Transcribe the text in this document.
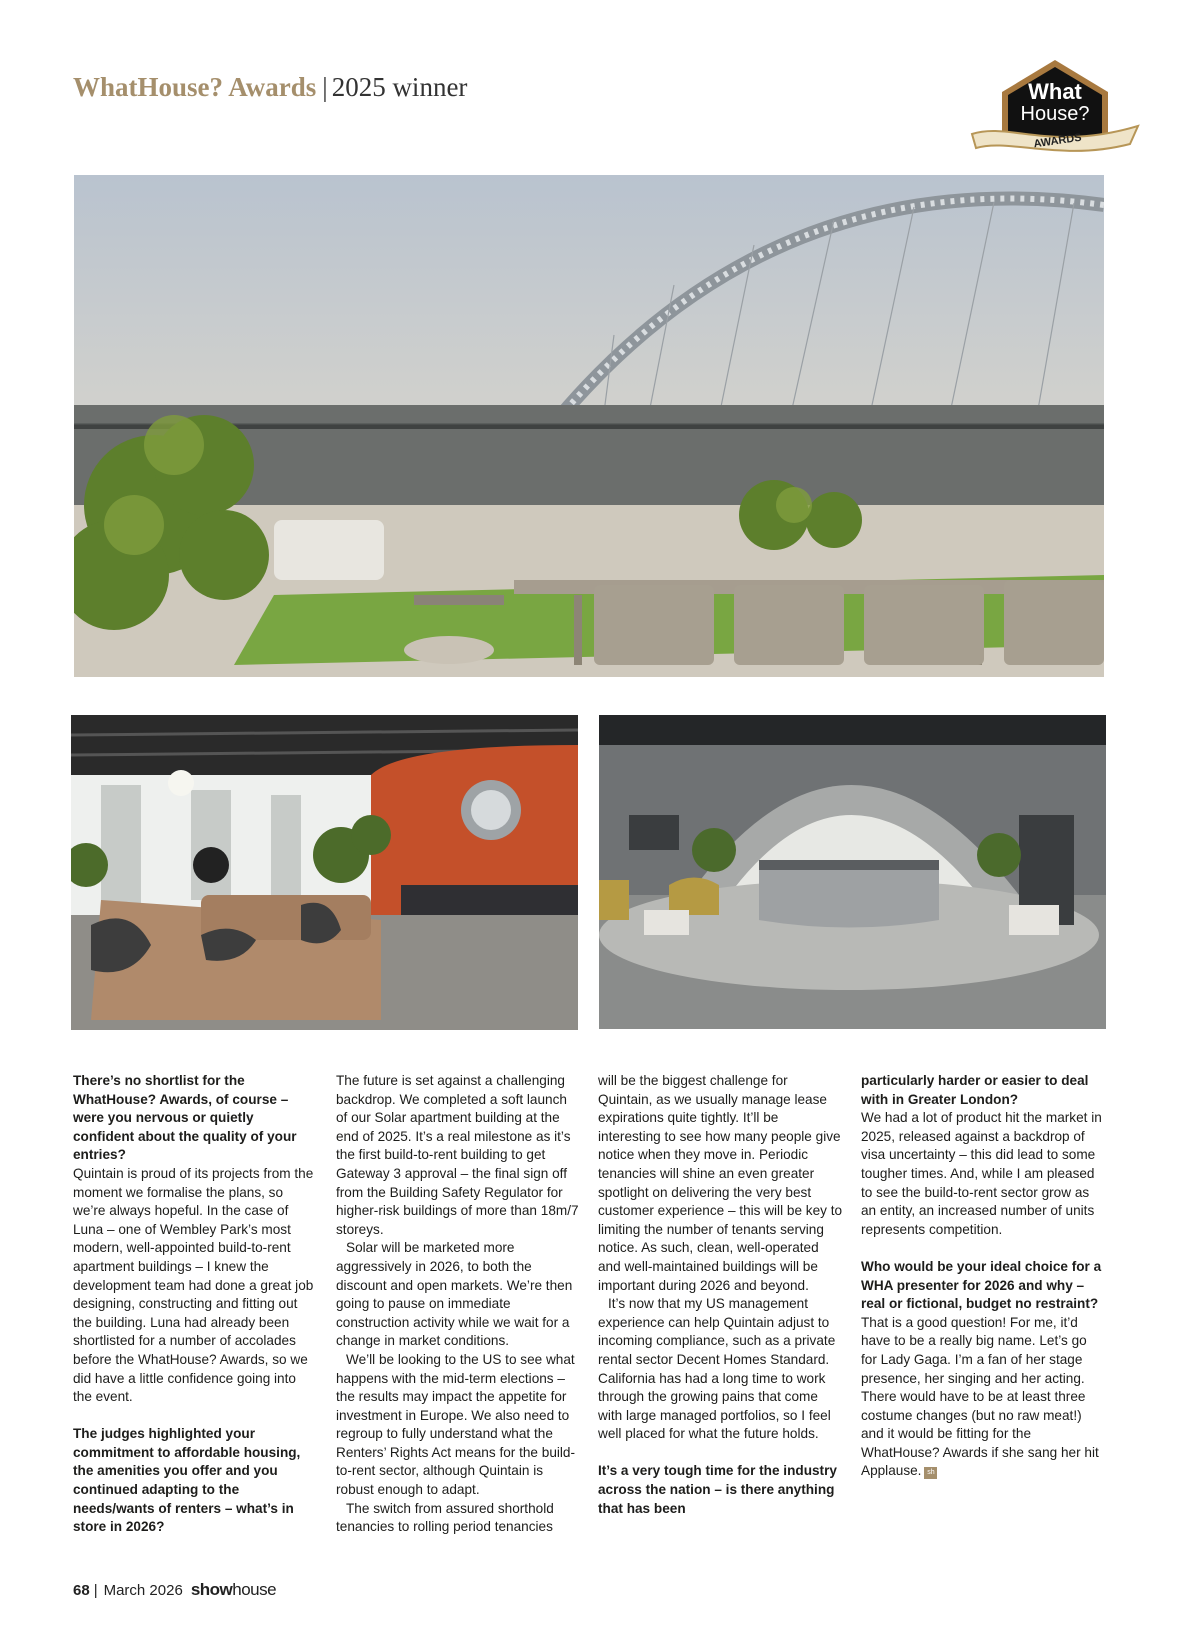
WhatHouse? Awards | 2025 winner	What
House?
AWARDS

There’s no shortlist for the WhatHouse? Awards, of course – were you nervous or quietly confident about the quality of your entries?

Quintain is proud of its projects from the moment we formalise the plans, so we’re always hopeful. In the case of Luna – one of Wembley Park’s most modern, well-appointed build-to-rent apartment buildings – I knew the development team had done a great job designing, constructing and fitting out the building. Luna had already been shortlisted for a number of accolades before the WhatHouse? Awards, so we did have a little confidence going into the event.

The judges highlighted your commitment to affordable housing, the amenities you offer and you continued adapting to the needs/wants of renters – what’s in store in 2026?

The future is set against a challenging backdrop. We completed a soft launch of our Solar apartment building at the end of 2025. It’s a real milestone as it’s the first build-to-rent building to get Gateway 3 approval – the final sign off from the Building Safety Regulator for higher-risk buildings of more than 18m/7 storeys.

Solar will be marketed more aggressively in 2026, to both the discount and open markets. We’re then going to pause on immediate construction activity while we wait for a change in market conditions.

We’ll be looking to the US to see what happens with the mid-term elections – the results may impact the appetite for investment in Europe. We also need to regroup to fully understand what the Renters’ Rights Act means for the build-to-rent sector, although Quintain is robust enough to adapt.

The switch from assured shorthold tenancies to rolling period tenancies

will be the biggest challenge for Quintain, as we usually manage lease expirations quite tightly. It’ll be interesting to see how many people give notice when they move in. Periodic tenancies will shine an even greater spotlight on delivering the very best customer experience – this will be key to limiting the number of tenants serving notice. As such, clean, well-operated and well-maintained buildings will be important during 2026 and beyond.

It’s now that my US management experience can help Quintain adjust to incoming compliance, such as a private rental sector Decent Homes Standard. California has had a long time to work through the growing pains that come with large managed portfolios, so I feel well placed for what the future holds.

It’s a very tough time for the industry across the nation – is there anything that has been

particularly harder or easier to deal with in Greater London?

We had a lot of product hit the market in 2025, released against a backdrop of visa uncertainty – this did lead to some tougher times. And, while I am pleased to see the build-to-rent sector grow as an entity, an increased number of units represents competition.

Who would be your ideal choice for a WHA presenter for 2026 and why – real or fictional, budget no restraint?

That is a good question! For me, it’d have to be a really big name. Let’s go for Lady Gaga. I’m a fan of her stage presence, her singing and her acting. There would have to be at least three costume changes (but no raw meat!) and it would be fitting for the WhatHouse? Awards if she sang her hit Applause. sh

68 | March 2026 showhouse
